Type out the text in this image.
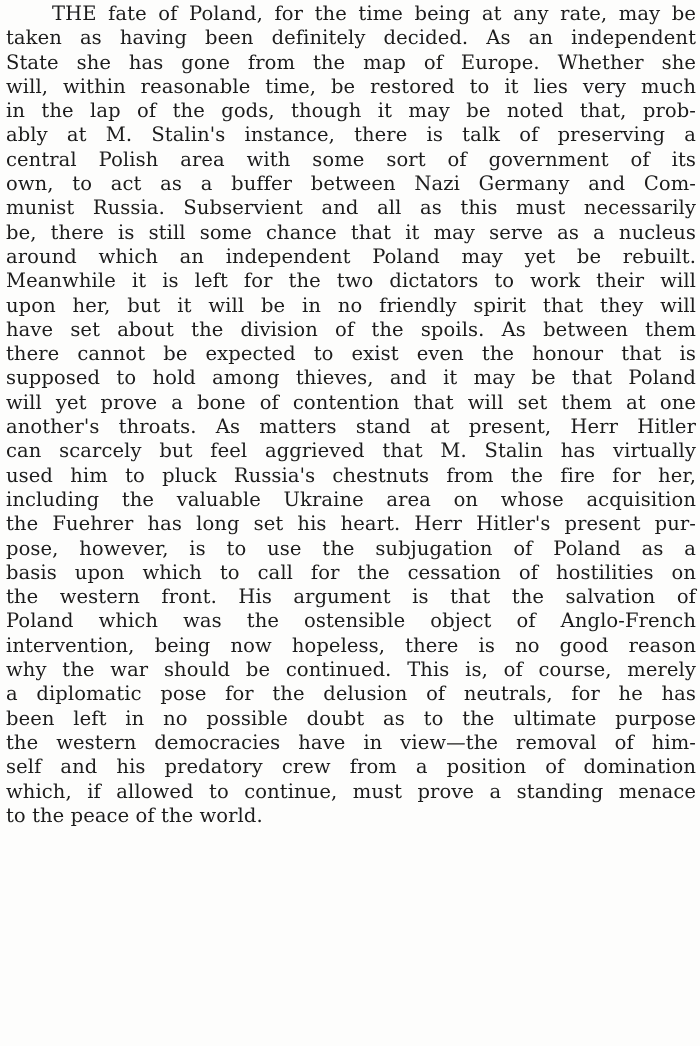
THE fate of Poland, for the time being at any rate, may be
taken as having been definitely decided. As an independent
State she has gone from the map of Europe. Whether she
will, within reasonable time, be restored to it lies very much
in the lap of the gods, though it may be noted that, prob-
ably at M. Stalin's instance, there is talk of preserving a
central Polish area with some sort of government of its
own, to act as a buffer between Nazi Germany and Com-
munist Russia. Subservient and all as this must necessarily
be, there is still some chance that it may serve as a nucleus
around which an independent Poland may yet be rebuilt.
Meanwhile it is left for the two dictators to work their will
upon her, but it will be in no friendly spirit that they will
have set about the division of the spoils. As between them
there cannot be expected to exist even the honour that is
supposed to hold among thieves, and it may be that Poland
will yet prove a bone of contention that will set them at one
another's throats. As matters stand at present, Herr Hitler
can scarcely but feel aggrieved that M. Stalin has virtually
used him to pluck Russia's chestnuts from the fire for her,
including the valuable Ukraine area on whose acquisition
the Fuehrer has long set his heart. Herr Hitler's present pur-
pose, however, is to use the subjugation of Poland as a
basis upon which to call for the cessation of hostilities on
the western front. His argument is that the salvation of
Poland which was the ostensible object of Anglo-French
intervention, being now hopeless, there is no good reason
why the war should be continued. This is, of course, merely
a diplomatic pose for the delusion of neutrals, for he has
been left in no possible doubt as to the ultimate purpose
the western democracies have in view—the removal of him-
self and his predatory crew from a position of domination
which, if allowed to continue, must prove a standing menace
to the peace of the world.
